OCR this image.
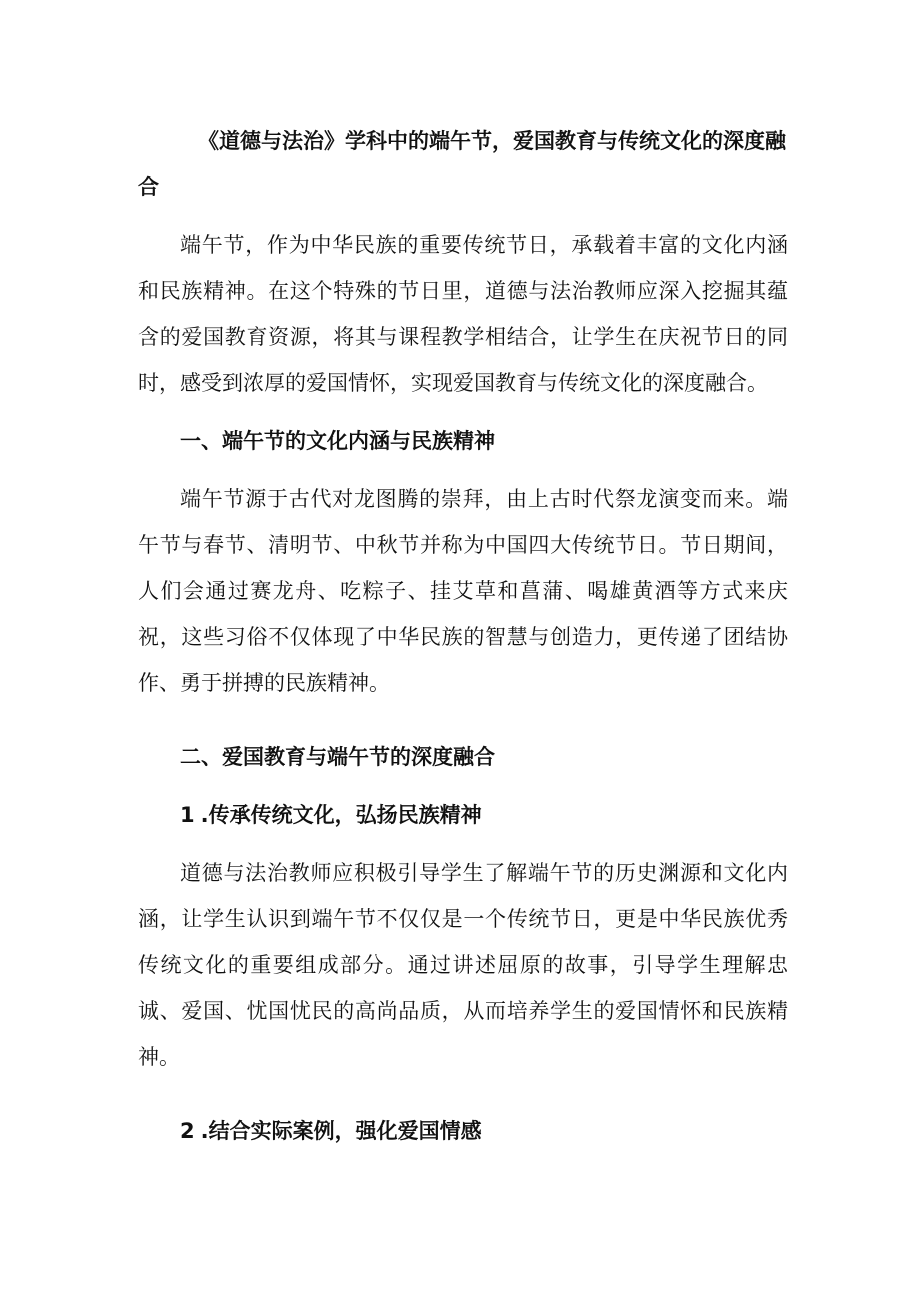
《道德与法治》学科中的端午节，爱国教育与传统文化的深度融合

端午节，作为中华民族的重要传统节日，承载着丰富的文化内涵和民族精神。在这个特殊的节日里，道德与法治教师应深入挖掘其蕴含的爱国教育资源，将其与课程教学相结合，让学生在庆祝节日的同时，感受到浓厚的爱国情怀，实现爱国教育与传统文化的深度融合。

一、端午节的文化内涵与民族精神

端午节源于古代对龙图腾的崇拜，由上古时代祭龙演变而来。端午节与春节、清明节、中秋节并称为中国四大传统节日。节日期间，人们会通过赛龙舟、吃粽子、挂艾草和菖蒲、喝雄黄酒等方式来庆祝，这些习俗不仅体现了中华民族的智慧与创造力，更传递了团结协作、勇于拼搏的民族精神。

二、爱国教育与端午节的深度融合

1 .传承传统文化，弘扬民族精神

道德与法治教师应积极引导学生了解端午节的历史渊源和文化内涵，让学生认识到端午节不仅仅是一个传统节日，更是中华民族优秀传统文化的重要组成部分。通过讲述屈原的故事，引导学生理解忠诚、爱国、忧国忧民的高尚品质，从而培养学生的爱国情怀和民族精神。

2 .结合实际案例，强化爱国情感
